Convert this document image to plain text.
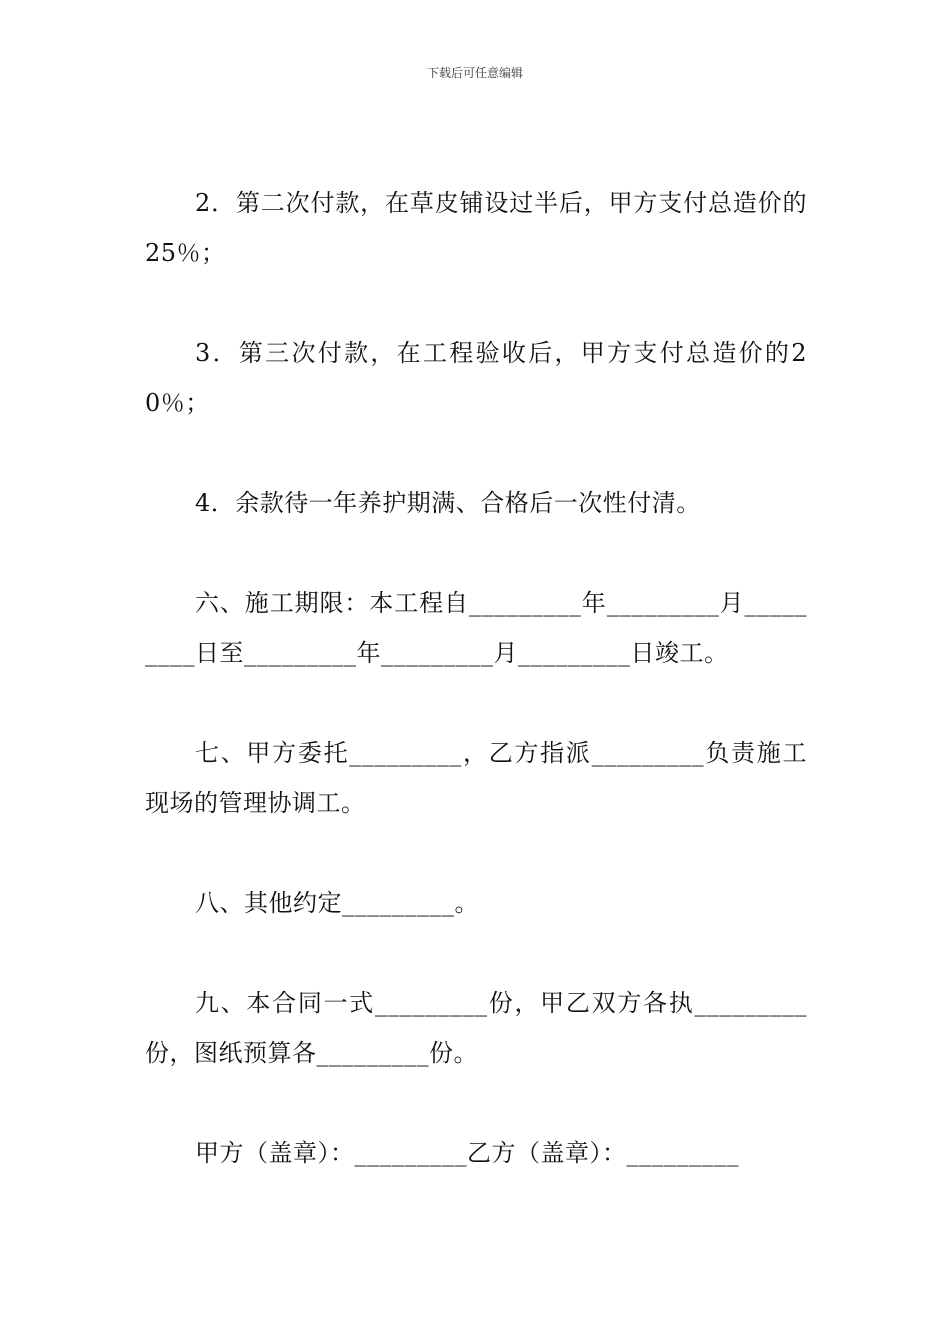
下载后可任意编辑

2．第二次付款，在草皮铺设过半后，甲方支付总造价的25％；

3．第三次付款，在工程验收后，甲方支付总造价的20％；

4．余款待一年养护期满、合格后一次性付清。

六、施工期限：本工程自_________年_________月_________日至_________年_________月_________日竣工。

七、甲方委托_________，乙方指派_________负责施工现场的管理协调工。

八、其他约定_________。

九、本合同一式_________份，甲乙双方各执_________份，图纸预算各_________份。

甲方（盖章）：_________乙方（盖章）：_________
